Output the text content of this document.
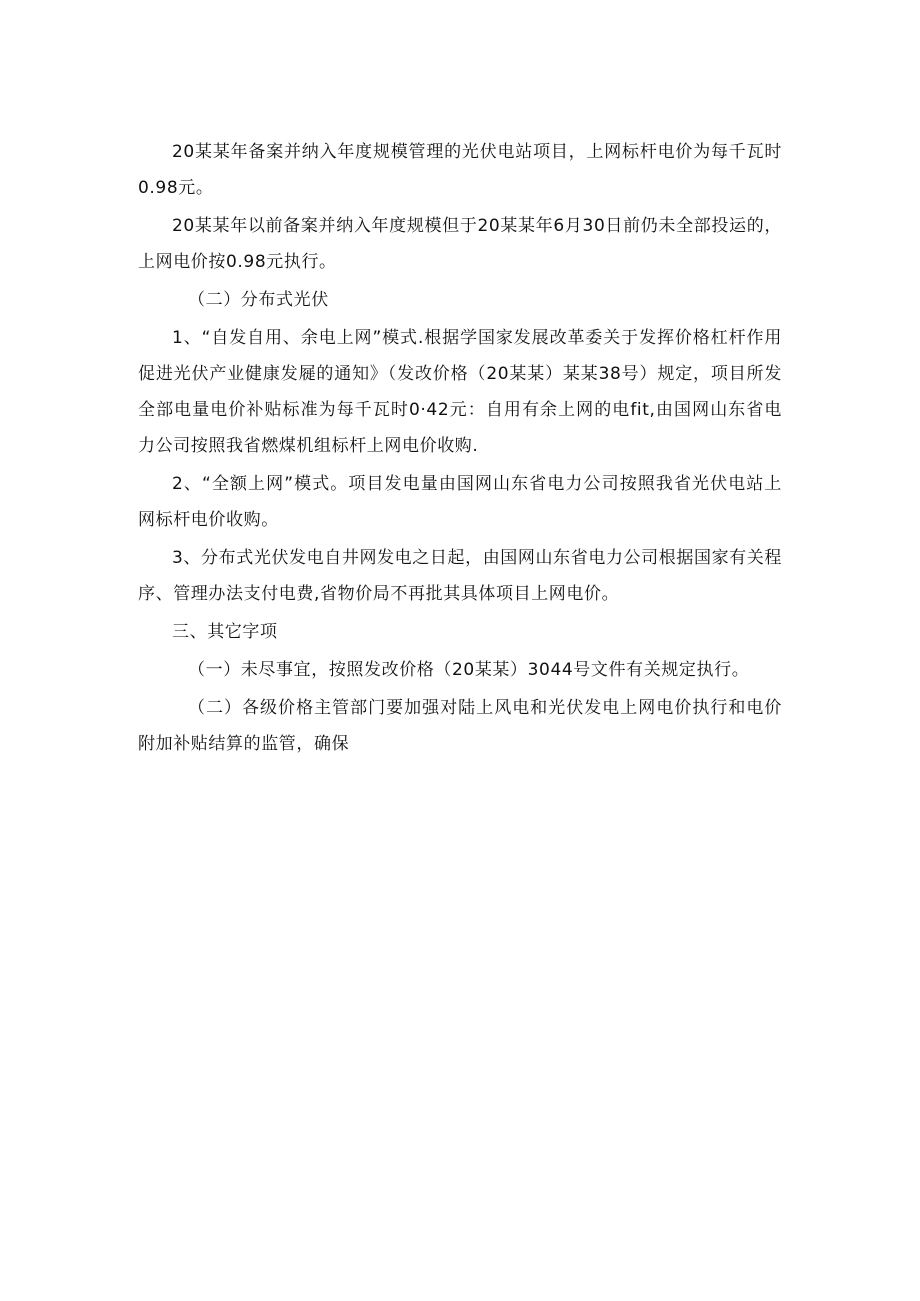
20某某年备案并纳入年度规模管理的光伏电站项目，上网标杆电价为每千瓦时0.98元。

20某某年以前备案并纳入年度规模但于20某某年6月30日前仍未全部投运的，上网电价按0.98元执行。

（二）分布式光伏

1、“自发自用、余电上网”模式.根据学国家发展改革委关于发挥价格杠杆作用促进光伏产业健康发屣的通知》（发改价格（20某某）某某38号）规定，项目所发全部电量电价补贴标准为每千瓦时0·42元：自用有余上网的电fit,由国网山东省电力公司按照我省燃煤机组标杆上网电价收购.

2、“全额上网”模式。项目发电量由国网山东省电力公司按照我省光伏电站上网标杆电价收购。

3、分布式光伏发电自井网发电之日起，由国网山东省电力公司根据国家有关程序、管理办法支付电费,省物价局不再批其具体项目上网电价。

三、其它字项

（一）未尽事宜，按照发改价格（20某某）3044号文件有关规定执行。

（二）各级价格主管部门要加强对陆上风电和光伏发电上网电价执行和电价附加补贴结算的监管，确保
